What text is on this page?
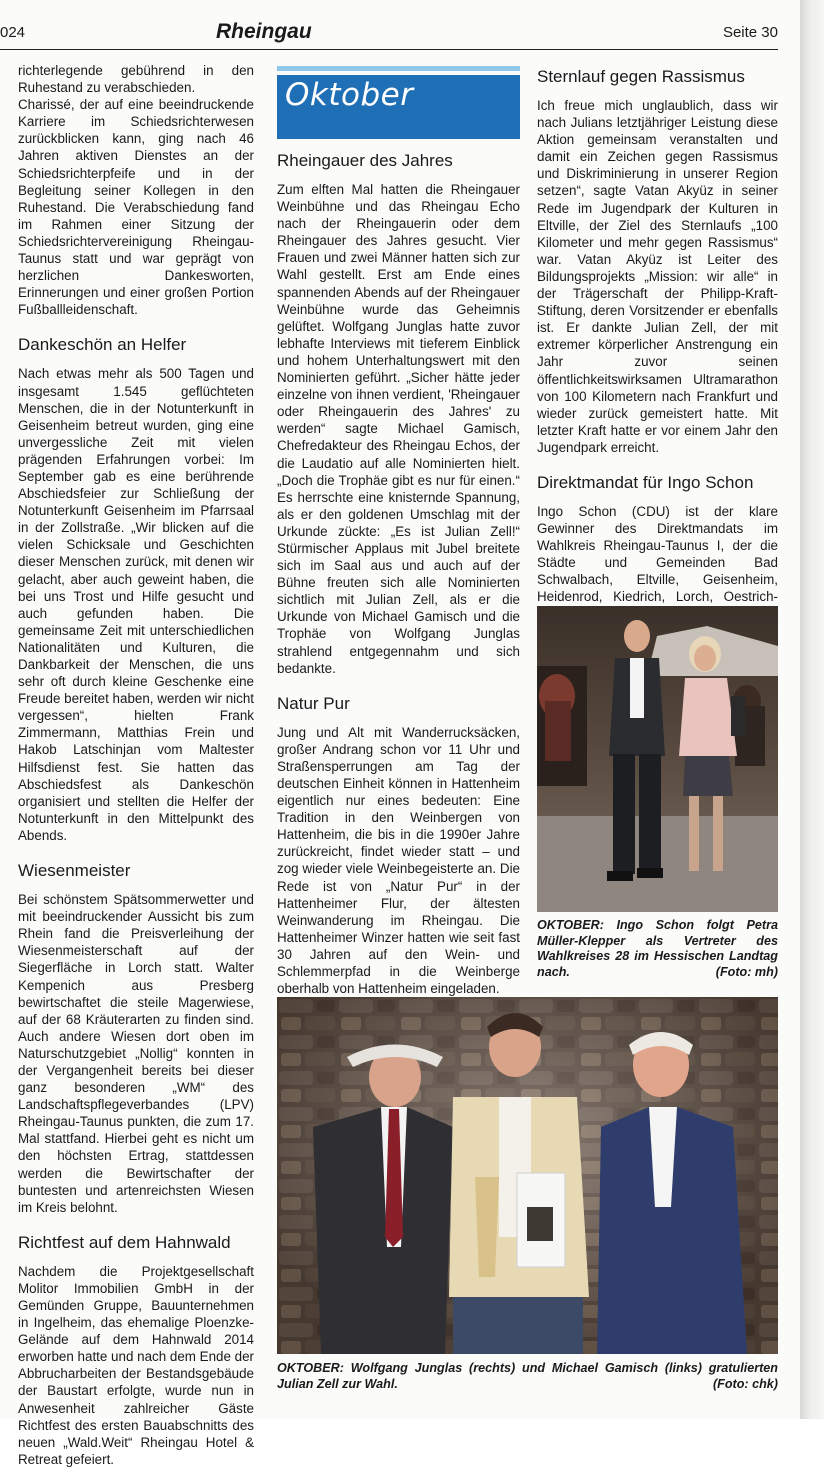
024	Rheingau	Seite 30

richterlegende gebührend in den Ruhestand zu verabschieden.

Charissé, der auf eine beeindruckende Karriere im Schiedsrichterwesen zurückblicken kann, ging nach 46 Jahren aktiven Dienstes an der Schiedsrichterpfeife und in der Begleitung seiner Kollegen in den Ruhestand. Die Verabschiedung fand im Rahmen einer Sitzung der Schiedsrichtervereinigung Rheingau-Taunus statt und war geprägt von herzlichen Dankesworten, Erinnerungen und einer großen Portion Fußballleidenschaft.

Dankeschön an Helfer

Nach etwas mehr als 500 Tagen und insgesamt 1.545 geflüchteten Menschen, die in der Notunterkunft in Geisenheim betreut wurden, ging eine unvergessliche Zeit mit vielen prägenden Erfahrungen vorbei: Im September gab es eine berührende Abschiedsfeier zur Schließung der Notunterkunft Geisenheim im Pfarrsaal in der Zollstraße. „Wir blicken auf die vielen Schicksale und Geschichten dieser Menschen zurück, mit denen wir gelacht, aber auch geweint haben, die bei uns Trost und Hilfe gesucht und auch gefunden haben. Die gemeinsame Zeit mit unterschiedlichen Nationalitäten und Kulturen, die Dankbarkeit der Menschen, die uns sehr oft durch kleine Geschenke eine Freude bereitet haben, werden wir nicht vergessen“, hielten Frank Zimmermann, Matthias Frein und Hakob Latschinjan vom Maltester Hilfsdienst fest. Sie hatten das Abschiedsfest als Dankeschön organisiert und stellten die Helfer der Notunterkunft in den Mittelpunkt des Abends.

Wiesenmeister

Bei schönstem Spätsommerwetter und mit beeindruckender Aussicht bis zum Rhein fand die Preisverleihung der Wiesenmeisterschaft auf der Siegerfläche in Lorch statt. Walter Kempenich aus Presberg bewirtschaftet die steile Magerwiese, auf der 68 Kräuterarten zu finden sind. Auch andere Wiesen dort oben im Naturschutzgebiet „Nollig“ konnten in der Vergangenheit bereits bei dieser ganz besonderen „WM“ des Landschaftspflegeverbandes (LPV) Rheingau-Taunus punkten, die zum 17. Mal stattfand. Hierbei geht es nicht um den höchsten Ertrag, stattdessen werden die Bewirtschafter der buntesten und artenreichsten Wiesen im Kreis belohnt.

Richtfest auf dem Hahnwald

Nachdem die Projektgesellschaft Molitor Immobilien GmbH in der Gemünden Gruppe, Bauunternehmen in Ingelheim, das ehemalige Ploenzke-Gelände auf dem Hahnwald 2014 erworben hatte und nach dem Ende der Abbrucharbeiten der Bestandsgebäude der Baustart erfolgte, wurde nun in Anwesenheit zahlreicher Gäste Richtfest des ersten Bauabschnitts des neuen „Wald.Weit“ Rheingau Hotel & Retreat gefeiert.

Oktober
Rheingauer des Jahres

Zum elften Mal hatten die Rheingauer Weinbühne und das Rheingau Echo nach der Rheingauerin oder dem Rheingauer des Jahres gesucht. Vier Frauen und zwei Männer hatten sich zur Wahl gestellt. Erst am Ende eines spannenden Abends auf der Rheingauer Weinbühne wurde das Geheimnis gelüftet. Wolfgang Junglas hatte zuvor lebhafte Interviews mit tieferem Einblick und hohem Unterhaltungswert mit den Nominierten geführt. „Sicher hätte jeder einzelne von ihnen verdient, 'Rheingauer oder Rheingauerin des Jahres' zu werden“ sagte Michael Gamisch, Chefredakteur des Rheingau Echos, der die Laudatio auf alle Nominierten hielt. „Doch die Trophäe gibt es nur für einen.“ Es herrschte eine knisternde Spannung, als er den goldenen Umschlag mit der Urkunde zückte: „Es ist Julian Zell!“ Stürmischer Applaus mit Jubel breitete sich im Saal aus und auch auf der Bühne freuten sich alle Nominierten sichtlich mit Julian Zell, als er die Urkunde von Michael Gamisch und die Trophäe von Wolfgang Junglas strahlend entgegennahm und sich bedankte.

Natur Pur

Jung und Alt mit Wanderrucksäcken, großer Andrang schon vor 11 Uhr und Straßensperrungen am Tag der deutschen Einheit können in Hattenheim eigentlich nur eines bedeuten: Eine Tradition in den Weinbergen von Hattenheim, die bis in die 1990er Jahre zurückreicht, findet wieder statt – und zog wieder viele Weinbegeisterte an. Die Rede ist von „Natur Pur“ in der Hattenheimer Flur, der ältesten Weinwanderung im Rheingau. Die Hattenheimer Winzer hatten wie seit fast 30 Jahren auf den Wein- und Schlemmerpfad in die Weinberge oberhalb von Hattenheim eingeladen.

Sternlauf gegen Rassismus

Ich freue mich unglaublich, dass wir nach Julians letztjähriger Leistung diese Aktion gemeinsam veranstalten und damit ein Zeichen gegen Rassismus und Diskriminierung in unserer Region setzen“, sagte Vatan Akyüz in seiner Rede im Jugendpark der Kulturen in Eltville, der Ziel des Sternlaufs „100 Kilometer und mehr gegen Rassismus“ war. Vatan Akyüz ist Leiter des Bildungsprojekts „Mission: wir alle“ in der Trägerschaft der Philipp-Kraft-Stiftung, deren Vorsitzender er ebenfalls ist. Er dankte Julian Zell, der mit extremer körperlicher Anstrengung ein Jahr zuvor seinen öffentlichkeitswirksamen Ultramarathon von 100 Kilometern nach Frankfurt und wieder zurück gemeistert hatte. Mit letzter Kraft hatte er vor einem Jahr den Jugendpark erreicht.

Direktmandat für Ingo Schon

Ingo Schon (CDU) ist der klare Gewinner des Direktmandats im Wahlkreis Rheingau-Taunus I, der die Städte und Gemeinden Bad Schwalbach, Eltville, Geisenheim, Heidenrod, Kiedrich, Lorch, Oestrich-

OKTOBER: Ingo Schon folgt Petra Müller-Klepper als Vertreter des Wahlkreises 28 im Hessischen Landtag nach.	(Foto: mh)
OKTOBER: Wolfgang Junglas (rechts) und Michael Gamisch (links) gratulierten Julian Zell zur Wahl.	(Foto: chk)
